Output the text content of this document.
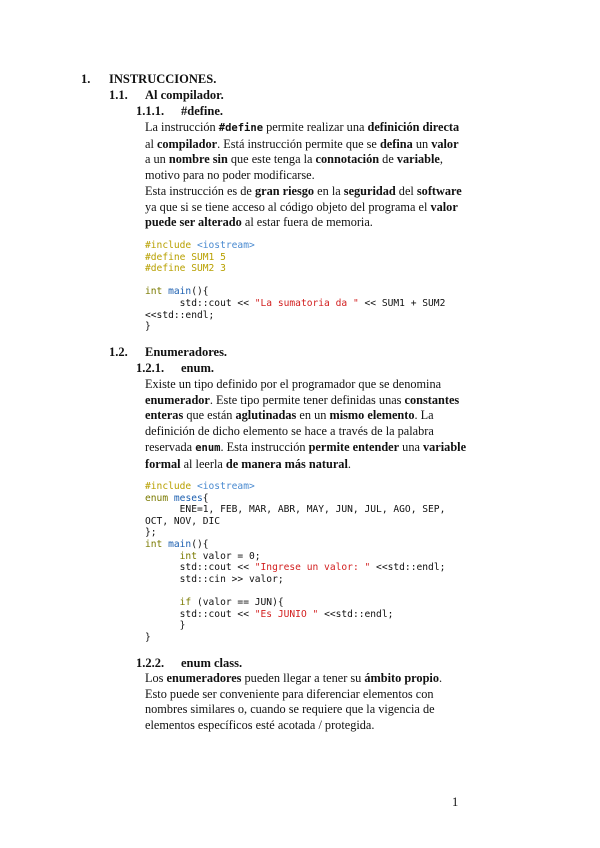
1. INSTRUCCIONES.
1.1. Al compilador.
1.1.1. #define.

La instrucción #define permite realizar una definición directa

al compilador. Está instrucción permite que se defina un valor

a un nombre sin que este tenga la connotación de variable,

motivo para no poder modificarse.

Esta instrucción es de gran riesgo en la seguridad del software

ya que si se tiene acceso al código objeto del programa el valor

puede ser alterado al estar fuera de memoria.

#include <iostream>
#define SUM1 5
#define SUM2 3

int main(){
std::cout << "La sumatoria da " << SUM1 + SUM2
<<std::endl;
}
1.2. Enumeradores.
1.2.1. enum.

Existe un tipo definido por el programador que se denomina

enumerador. Este tipo permite tener definidas unas constantes

enteras que están aglutinadas en un mismo elemento. La

definición de dicho elemento se hace a través de la palabra

reservada enum. Esta instrucción permite entender una variable

formal al leerla de manera más natural.

#include <iostream>
enum meses{
ENE=1, FEB, MAR, ABR, MAY, JUN, JUL, AGO, SEP,
OCT, NOV, DIC
};
int main(){
int valor = 0;
std::cout << "Ingrese un valor: " <<std::endl;
std::cin >> valor;

if (valor == JUN){
std::cout << "Es JUNIO " <<std::endl;
}
}
1.2.2. enum class.

Los enumeradores pueden llegar a tener su ámbito propio.

Esto puede ser conveniente para diferenciar elementos con

nombres similares o, cuando se requiere que la vigencia de

elementos específicos esté acotada / protegida.

1
